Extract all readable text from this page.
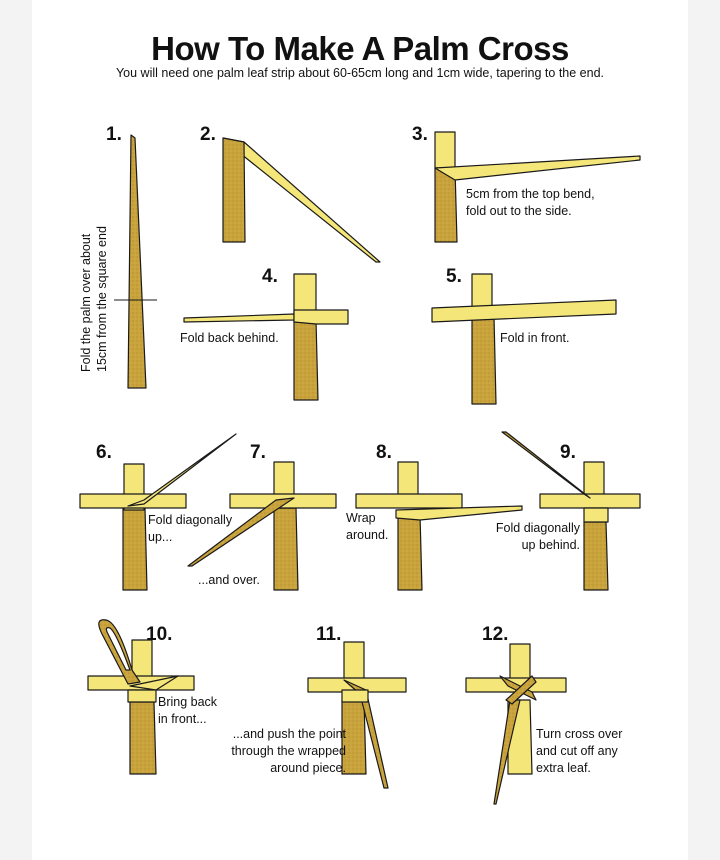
How To Make A Palm Cross
You will need one palm leaf strip about 60-65cm long and 1cm wide, tapering to the end.
1.	2.	3.
4.	5.
6.	7.	8.	9.
10.	11.	12.
Fold the palm over about
15cm from the square end
5cm from the top bend,
fold out to the side.
Fold back behind.	Fold in front.
Fold diagonally
up...
...and over.
Wrap
around.	Fold diagonally
up behind.
Bring back
in front...
...and push the point
through the wrapped
around piece.
Turn cross over
and cut off any
extra leaf.
